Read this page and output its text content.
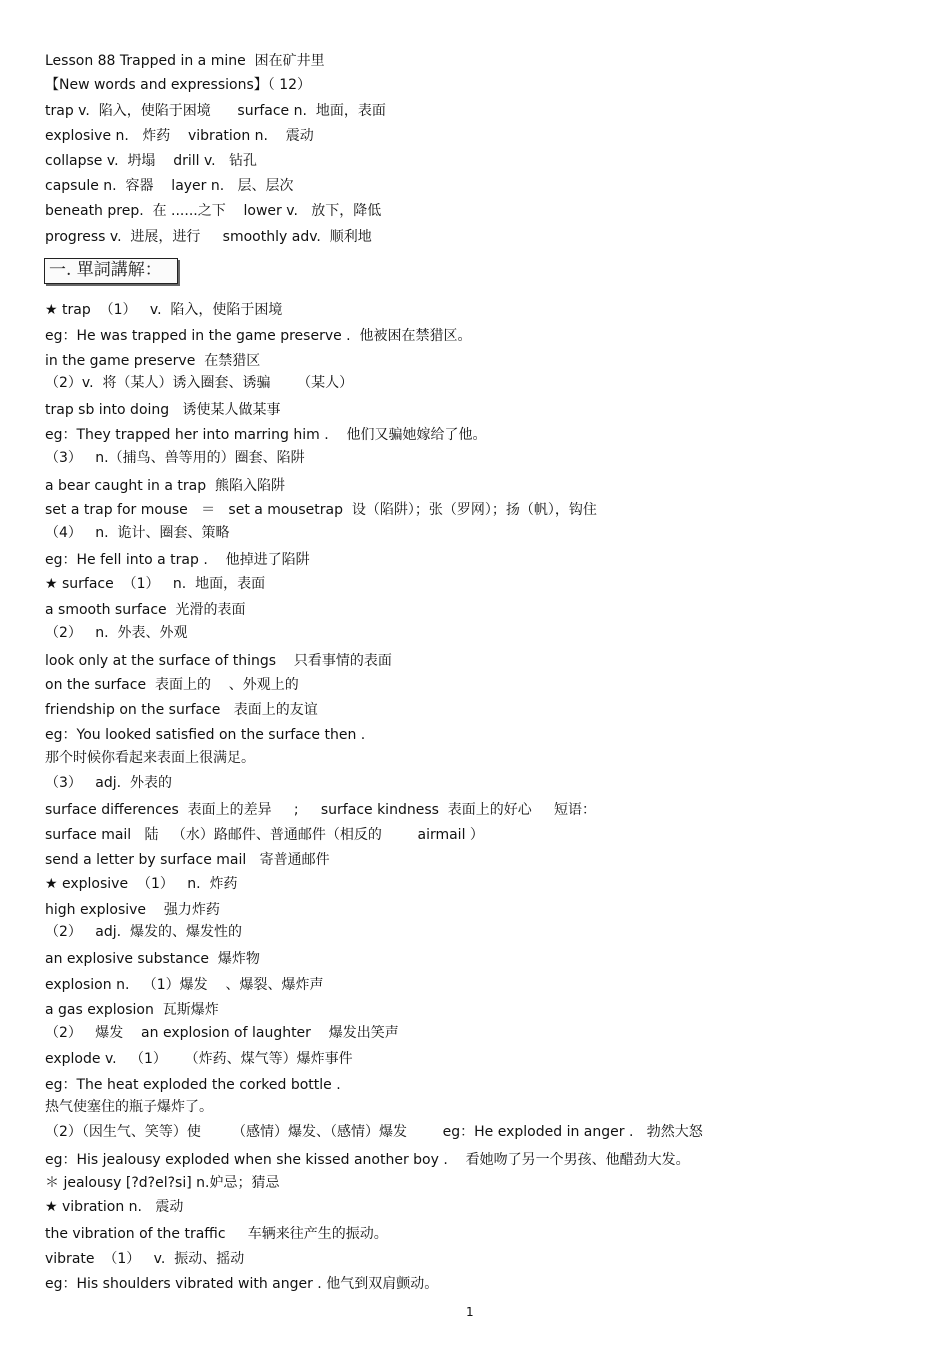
Lesson 88 Trapped in a mine  困在矿井里
【New words and expressions】（ 12）
trap v.  陷入，使陷于困境      surface n.  地面，表面
explosive n.   炸药    vibration n.    震动
collapse v.  坍塌    drill v.   钻孔
capsule n.  容器    layer n.   层、层次
beneath prep.  在 ......之下    lower v.   放下，降低
progress v.  进展，进行     smoothly adv.  顺利地
一. 單詞講解：
★ trap  （1）   v.  陷入，使陷于困境
eg：He was trapped in the game preserve .  他被困在禁猎区。
in the game preserve  在禁猎区
（2）v.  将（某人）诱入圈套、诱骗      （某人）
trap sb into doing   诱使某人做某事
eg：They trapped her into marring him .    他们又骗她嫁给了他。
（3）   n.（捕鸟、兽等用的）圈套、陷阱
a bear caught in a trap  熊陷入陷阱
set a trap for mouse   ＝   set a mousetrap  设（陷阱）；张（罗网）；扬（帆），钩住
（4）   n.  诡计、圈套、策略
eg：He fell into a trap .    他掉进了陷阱
★ surface  （1）   n.  地面，表面
a smooth surface  光滑的表面
（2）   n.  外表、外观
look only at the surface of things    只看事情的表面
on the surface  表面上的    、外观上的
friendship on the surface   表面上的友谊
eg：You looked satisfied on the surface then .
那个时候你看起来表面上很满足。
（3）   adj.  外表的
surface differences  表面上的差异     ;     surface kindness  表面上的好心     短语：
surface mail   陆   （水）路邮件、普通邮件（相反的        airmail ）
send a letter by surface mail   寄普通邮件
★ explosive  （1）   n.  炸药
high explosive    强力炸药
（2）   adj.  爆发的、爆发性的
an explosive substance  爆炸物
explosion n.   （1）爆发    、爆裂、爆炸声
a gas explosion  瓦斯爆炸
（2）   爆发    an explosion of laughter    爆发出笑声
explode v.   （1）    （炸药、煤气等）爆炸事件
eg：The heat exploded the corked bottle .
热气使塞住的瓶子爆炸了。
（2）（因生气、笑等）使       （感情）爆发、（感情）爆发        eg：He exploded in anger .   勃然大怒
eg：His jealousy exploded when she kissed another boy .    看她吻了另一个男孩、他醋劲大发。
＊ jealousy [?d?el?si] n.妒忌；猜忌
★ vibration n.   震动
the vibration of the traffic     车辆来往产生的振动。
vibrate  （1）   v.  振动、摇动
eg：His shoulders vibrated with anger . 他气到双肩颤动。
1
